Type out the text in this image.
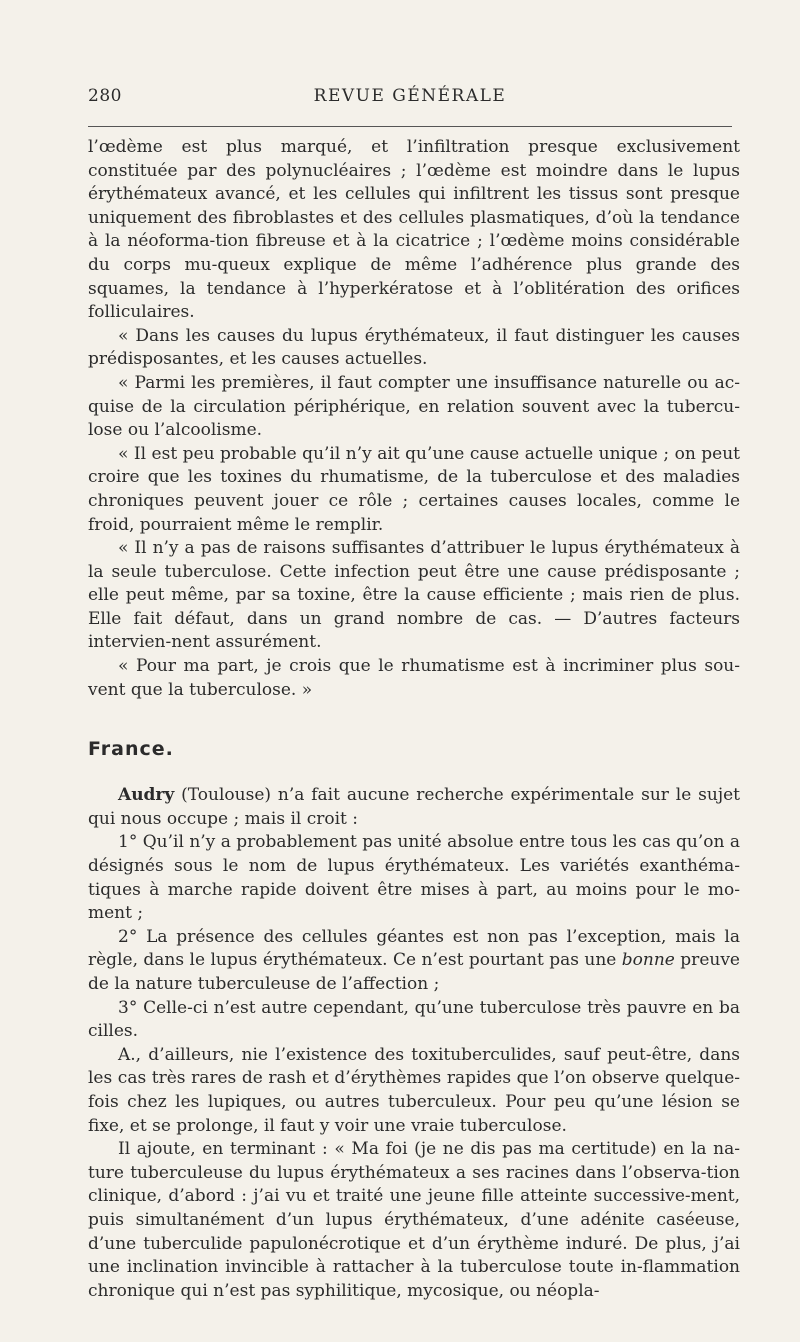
280	REVUE GÉNÉRALE

l’œdème est plus marqué, et l’infiltration presque exclusivement constituée par des polynucléaires ; l’œdème est moindre dans le lupus érythémateux avancé, et les cellules qui infiltrent les tissus sont presque uniquement des fibroblastes et des cellules plasmatiques, d’où la tendance à la néoforma-tion fibreuse et à la cicatrice ; l’œdème moins considérable du corps mu-queux explique de même l’adhérence plus grande des squames, la tendance à l’hyperkératose et à l’oblitération des orifices folliculaires.

« Dans les causes du lupus érythémateux, il faut distinguer les causes prédisposantes, et les causes actuelles.

« Parmi les premières, il faut compter une insuffisance naturelle ou ac-quise de la circulation périphérique, en relation souvent avec la tubercu-lose ou l’alcoolisme.

« Il est peu probable qu’il n’y ait qu’une cause actuelle unique ; on peut croire que les toxines du rhumatisme, de la tuberculose et des maladies chroniques peuvent jouer ce rôle ; certaines causes locales, comme le froid, pourraient même le remplir.

« Il n’y a pas de raisons suffisantes d’attribuer le lupus érythémateux à la seule tuberculose. Cette infection peut être une cause prédisposante ; elle peut même, par sa toxine, être la cause efficiente ; mais rien de plus. Elle fait défaut, dans un grand nombre de cas. — D’autres facteurs intervien-nent assurément.

« Pour ma part, je crois que le rhumatisme est à incriminer plus sou-vent que la tuberculose. »

France.

Audry (Toulouse) n’a fait aucune recherche expérimentale sur le sujet qui nous occupe ; mais il croit :

1° Qu’il n’y a probablement pas unité absolue entre tous les cas qu’on a désignés sous le nom de lupus érythémateux. Les variétés exanthéma-tiques à marche rapide doivent être mises à part, au moins pour le mo-ment ;

2° La présence des cellules géantes est non pas l’exception, mais la règle, dans le lupus érythémateux. Ce n’est pourtant pas une bonne preuve de la nature tuberculeuse de l’affection ;

3° Celle-ci n’est autre cependant, qu’une tuberculose très pauvre en ba cilles.

A., d’ailleurs, nie l’existence des toxituberculides, sauf peut-être, dans les cas très rares de rash et d’érythèmes rapides que l’on observe quelque-fois chez les lupiques, ou autres tuberculeux. Pour peu qu’une lésion se fixe, et se prolonge, il faut y voir une vraie tuberculose.

Il ajoute, en terminant : « Ma foi (je ne dis pas ma certitude) en la na-ture tuberculeuse du lupus érythémateux a ses racines dans l’observa-tion clinique, d’abord : j’ai vu et traité une jeune fille atteinte successive-ment, puis simultanément d’un lupus érythémateux, d’une adénite caséeuse, d’une tuberculide papulonécrotique et d’un érythème induré. De plus, j’ai une inclination invincible à rattacher à la tuberculose toute in-flammation chronique qui n’est pas syphilitique, mycosique, ou néopla-
